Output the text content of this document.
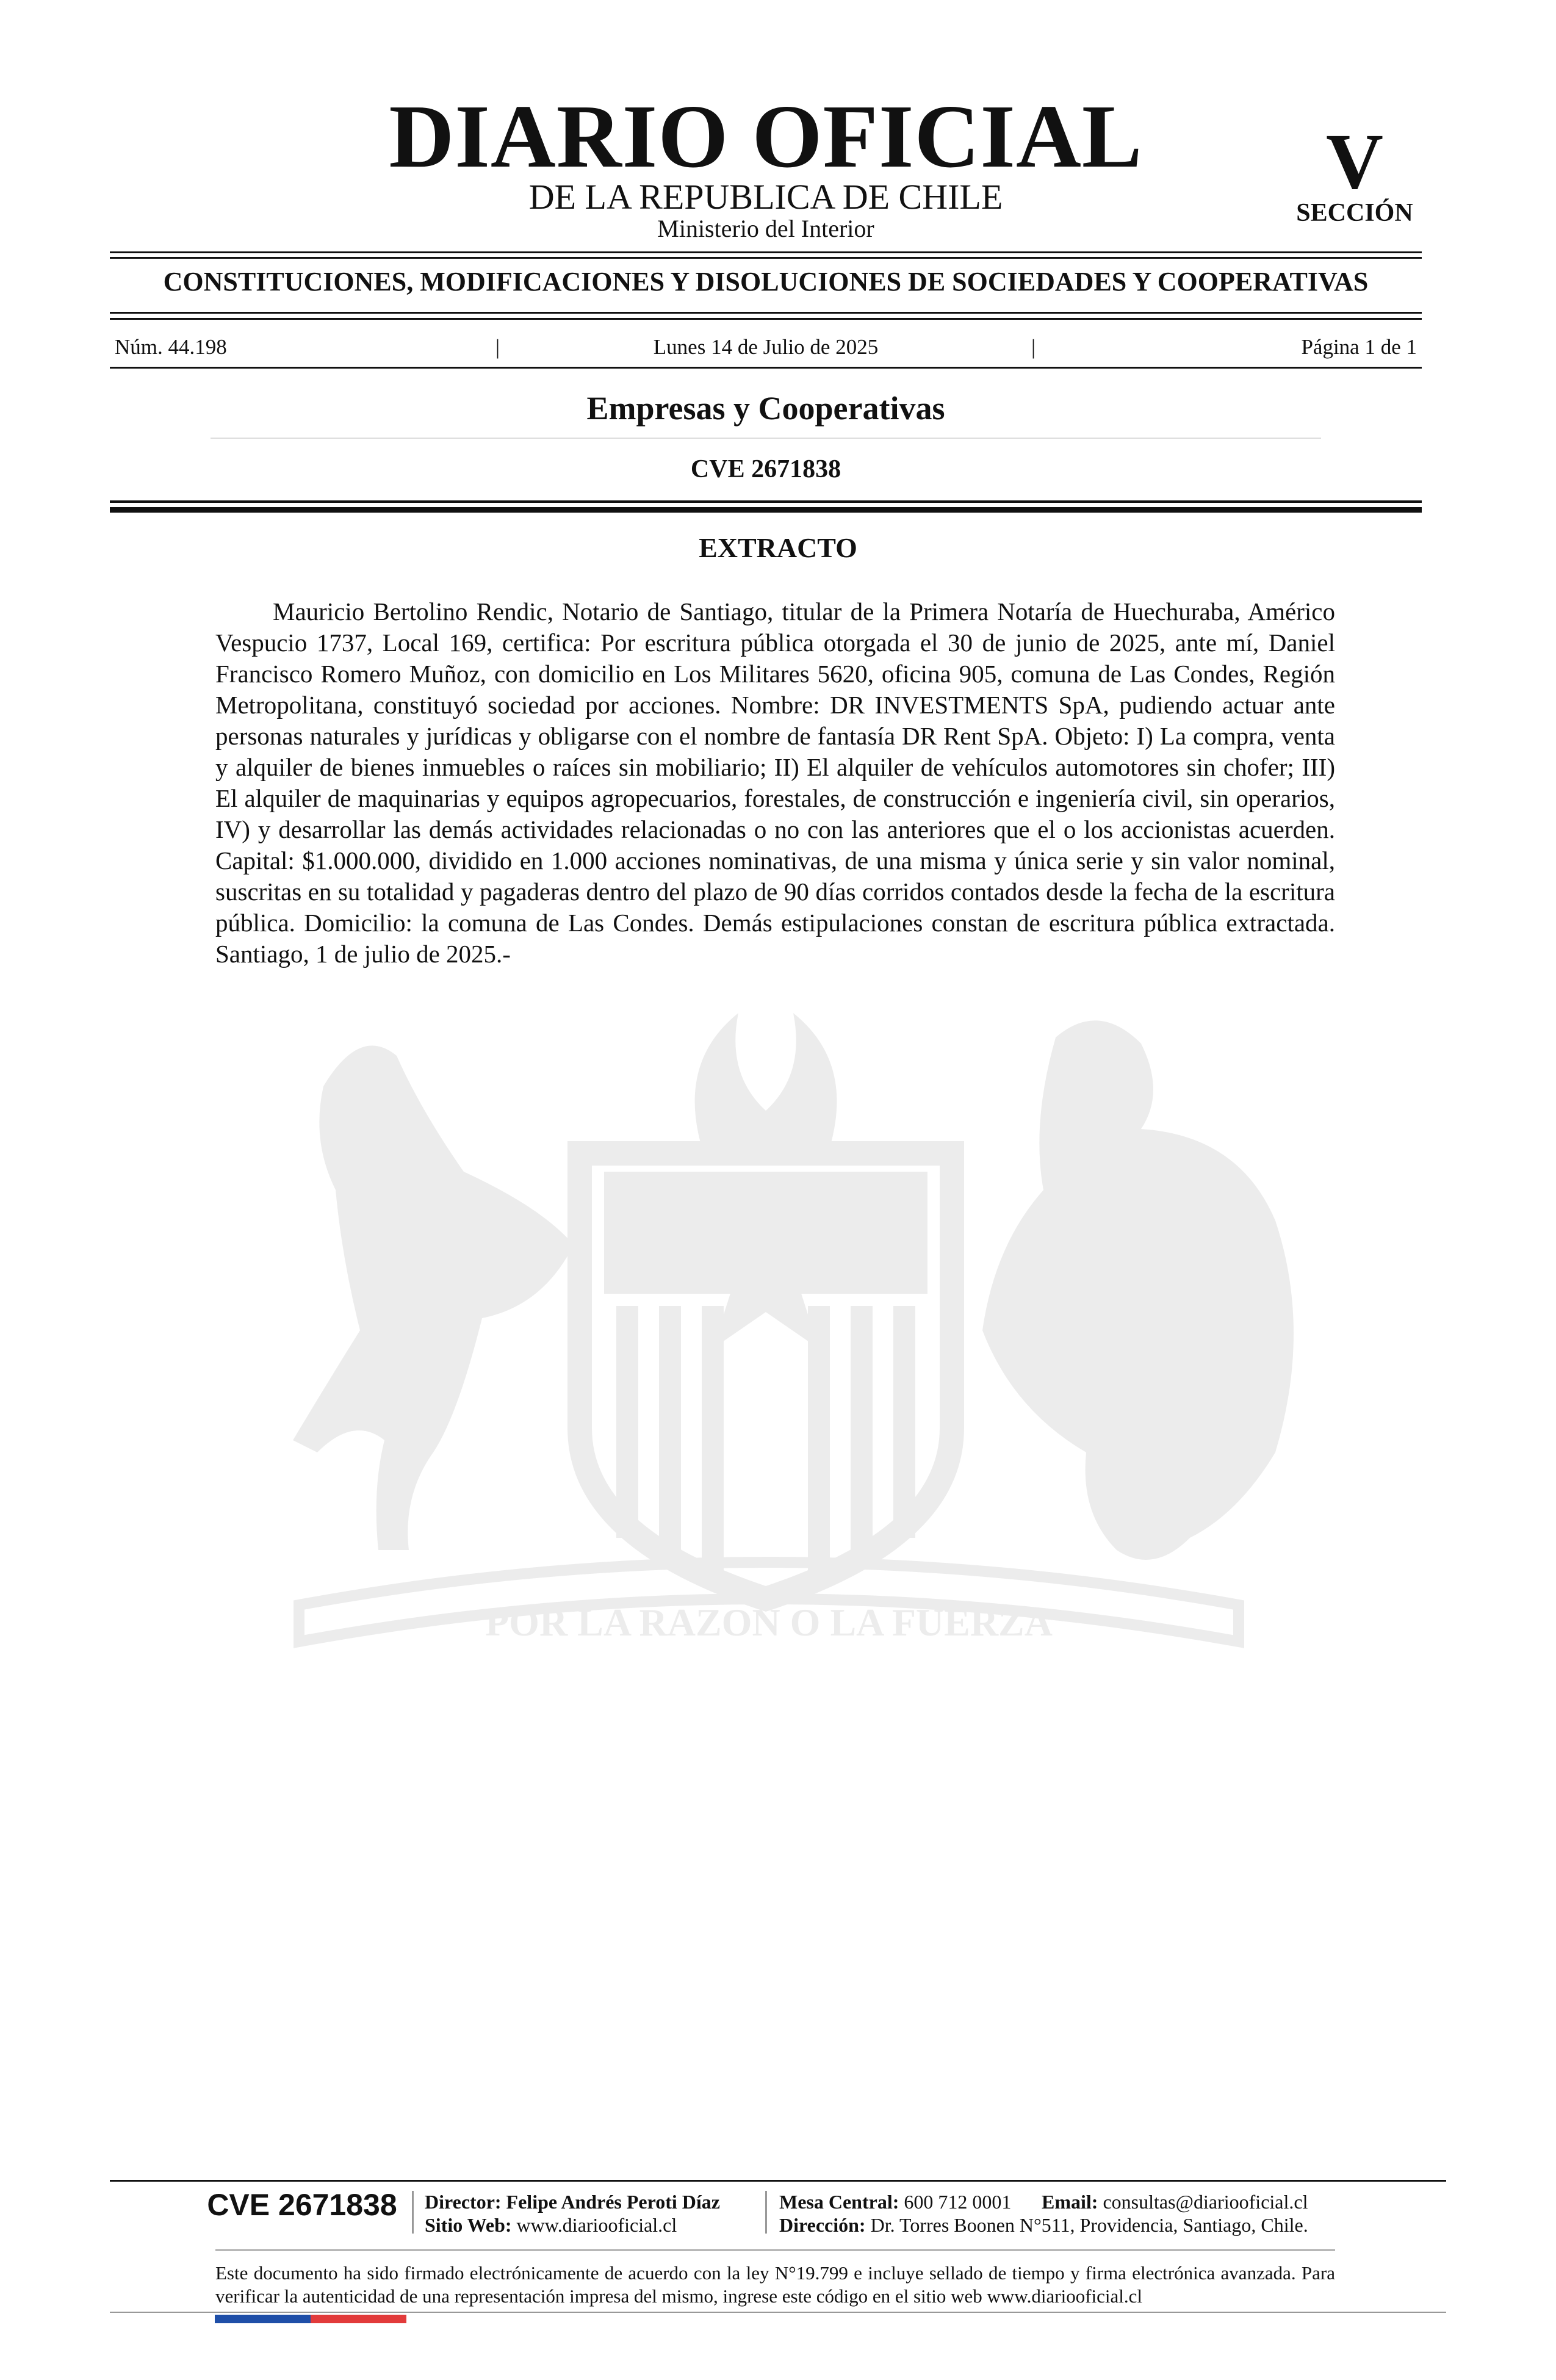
DIARIO OFICIAL
DE LA REPUBLICA DE CHILE
Ministerio del Interior
V
SECCIÓN
CONSTITUCIONES, MODIFICACIONES Y DISOLUCIONES DE SOCIEDADES Y COOPERATIVAS
Núm. 44.198	|	Lunes 14 de Julio de 2025	|	Página 1 de 1
Empresas y Cooperativas
CVE 2671838
POR LA RAZON O LA FUERZA
EXTRACTO

Mauricio Bertolino Rendic, Notario de Santiago, titular de la Primera Notaría de Huechuraba, Américo Vespucio 1737, Local 169, certifica: Por escritura pública otorgada el 30 de junio de 2025, ante mí, Daniel Francisco Romero Muñoz, con domicilio en Los Militares 5620, oficina 905, comuna de Las Condes, Región Metropolitana, constituyó sociedad por acciones. Nombre: DR INVESTMENTS SpA, pudiendo actuar ante personas naturales y jurídicas y obligarse con el nombre de fantasía DR Rent SpA. Objeto: I) La compra, venta y alquiler de bienes inmuebles o raíces sin mobiliario; II) El alquiler de vehículos automotores sin chofer; III) El alquiler de maquinarias y equipos agropecuarios, forestales, de construcción e ingeniería civil, sin operarios, IV) y desarrollar las demás actividades relacionadas o no con las anteriores que el o los accionistas acuerden. Capital: $1.000.000, dividido en 1.000 acciones nominativas, de una misma y única serie y sin valor nominal, suscritas en su totalidad y pagaderas dentro del plazo de 90 días corridos contados desde la fecha de la escritura pública. Domicilio: la comuna de Las Condes. Demás estipulaciones constan de escritura pública extractada. Santiago, 1 de julio de 2025.-

CVE 2671838 Director: Felipe Andrés Peroti Díaz
Sitio Web: www.diariooficial.cl
Mesa Central: 600 712 0001 Email: consultas@diariooficial.cl
Dirección: Dr. Torres Boonen N°511, Providencia, Santiago, Chile.
Este documento ha sido firmado electrónicamente de acuerdo con la ley N°19.799 e incluye sellado de tiempo y firma electrónica avanzada. Para verificar la autenticidad de una representación impresa del mismo, ingrese este código en el sitio web www.diariooficial.cl
